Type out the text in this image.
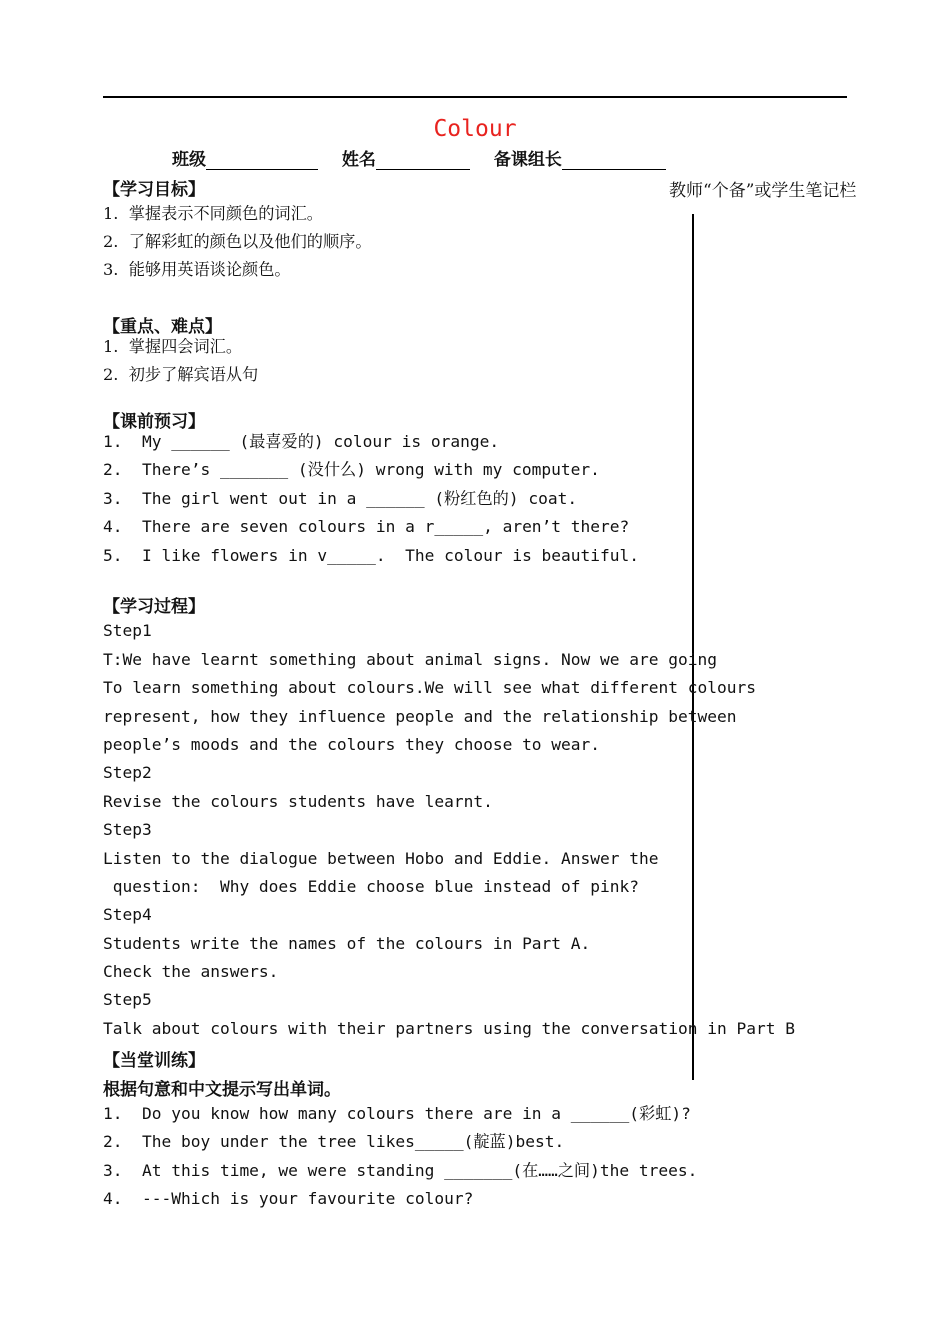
Colour
班级	姓名	备课组长
教师“个备”或学生笔记栏
【学习目标】
1.  掌握表示不同颜色的词汇。
2.  了解彩虹的颜色以及他们的顺序。
3.  能够用英语谈论颜色。
【重点、难点】
1.  掌握四会词汇。
2.  初步了解宾语从句
【课前预习】
1.  My ______ (最喜爱的) colour is orange.
2.  There’s _______ (没什么) wrong with my computer.
3.  The girl went out in a ______ (粉红色的) coat.
4.  There are seven colours in a r_____, aren’t there?
5.  I like flowers in v_____.  The colour is beautiful.
【学习过程】
Step1
T:We have learnt something about animal signs. Now we are going
To learn something about colours.We will see what different colours
represent, how they influence people and the relationship between
people’s moods and the colours they choose to wear.
Step2
Revise the colours students have learnt.
Step3
Listen to the dialogue between Hobo and Eddie. Answer the
question:  Why does Eddie choose blue instead of pink?
Step4
Students write the names of the colours in Part A.
Check the answers.
Step5
Talk about colours with their partners using the conversation in Part B
【当堂训练】
根据句意和中文提示写出单词。
1.  Do you know how many colours there are in a ______(彩虹)?
2.  The boy under the tree likes_____(靛蓝)best.
3.  At this time, we were standing _______(在……之间)the trees.
4.  ---Which is your favourite colour?
